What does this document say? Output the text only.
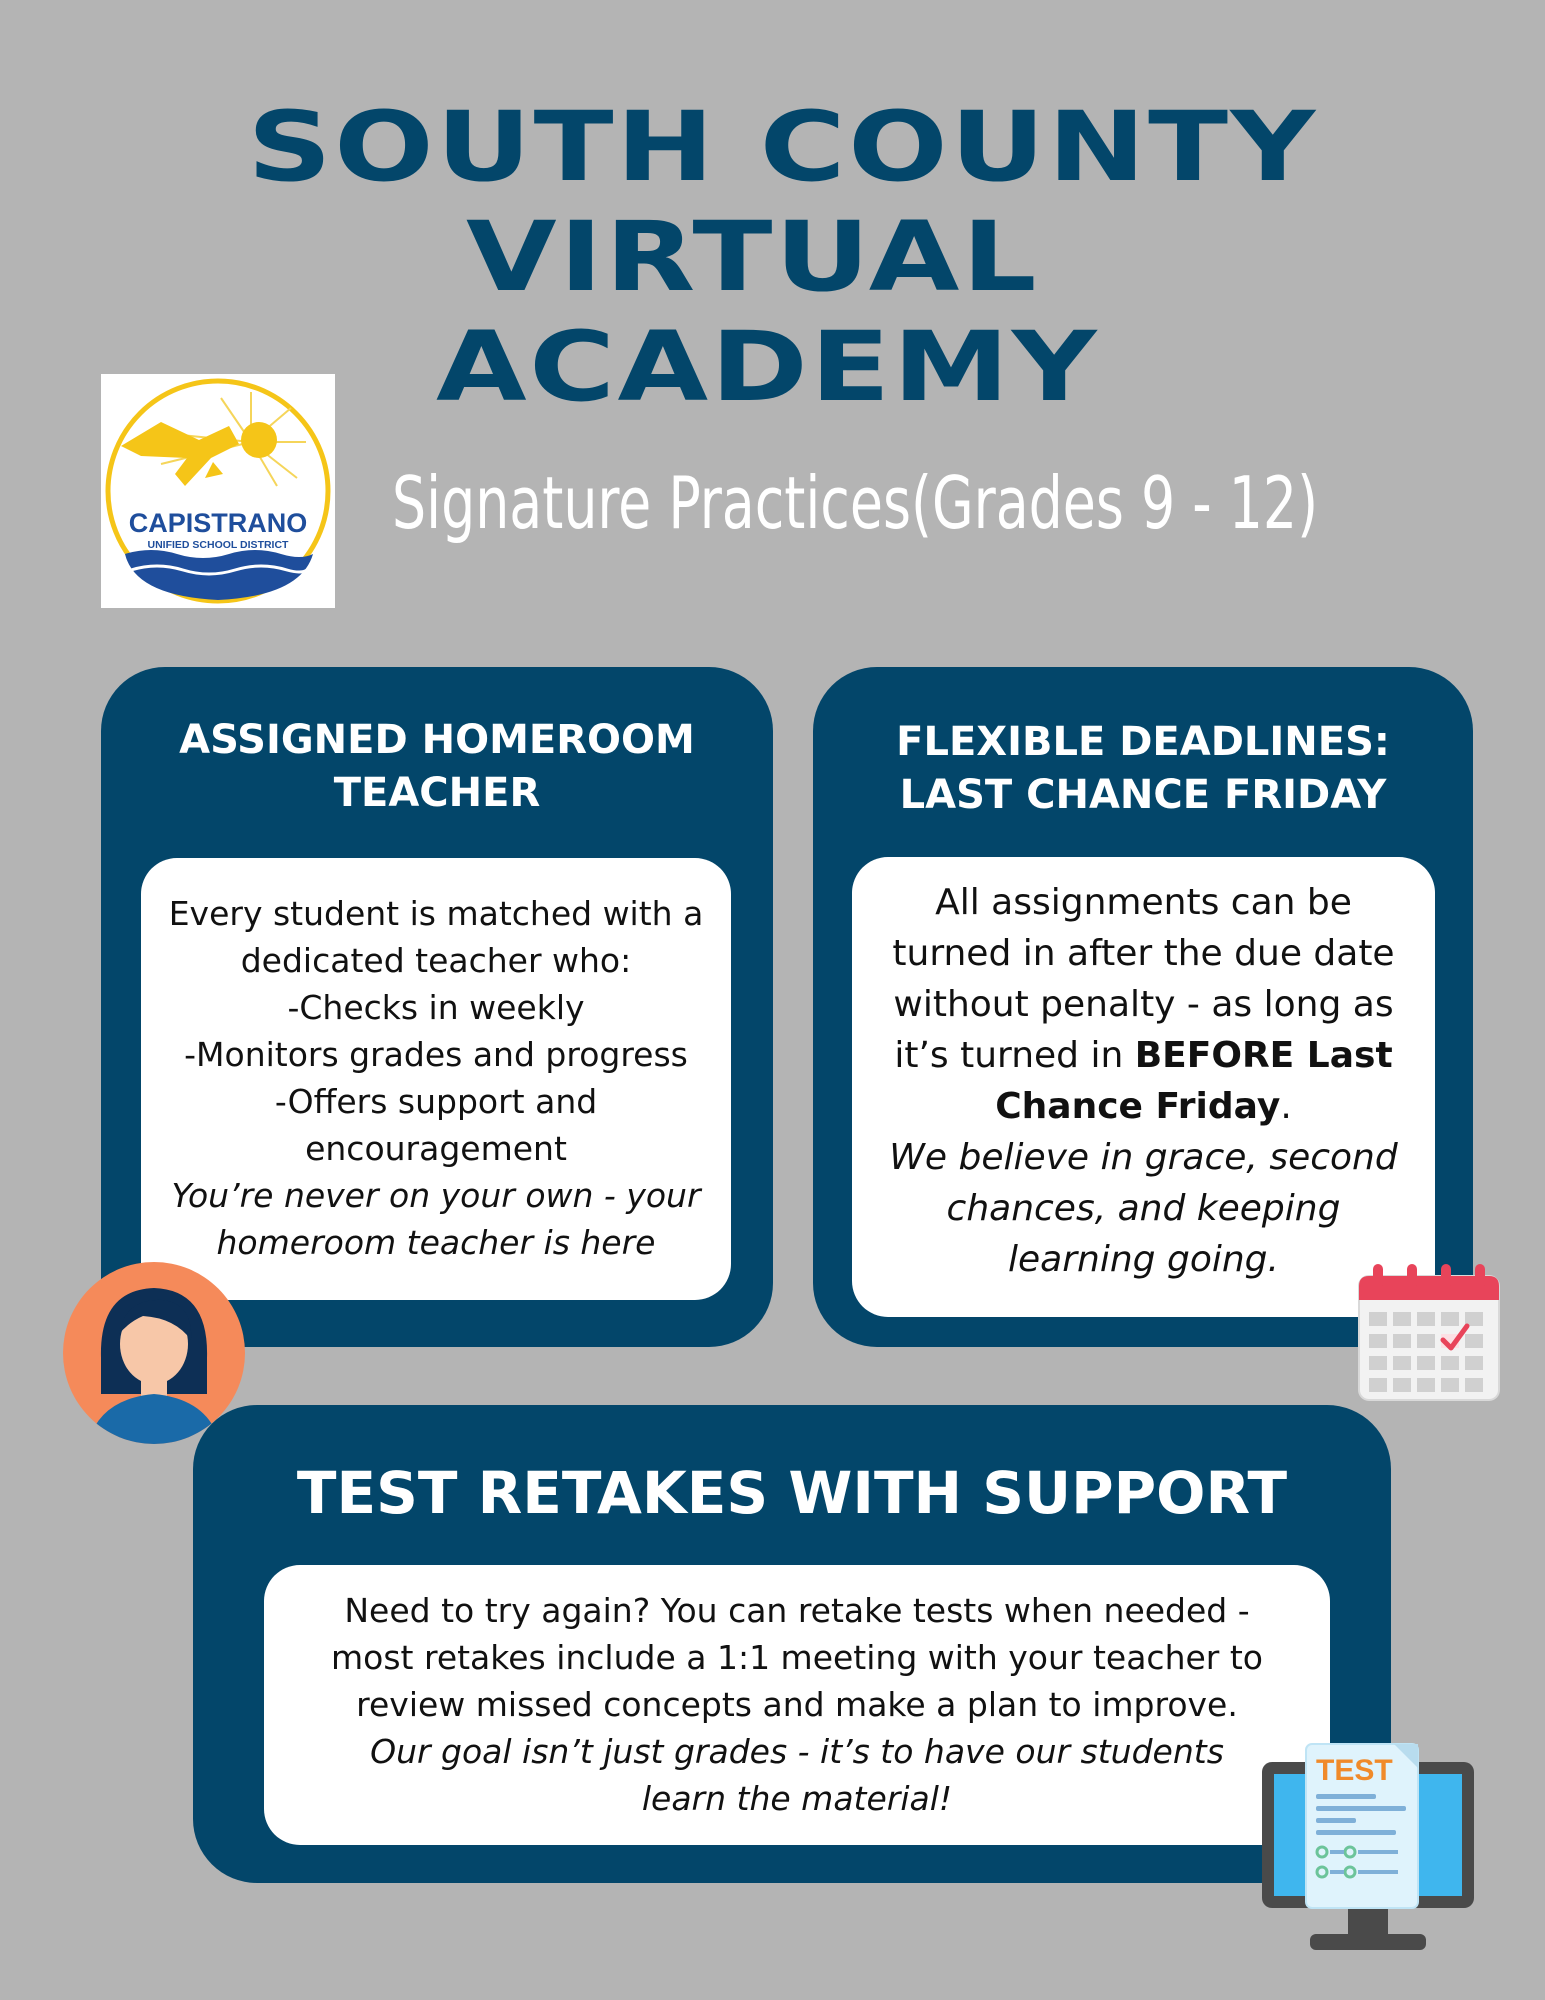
SOUTH COUNTY
VIRTUAL
ACADEMY
CAPISTRANO
UNIFIED SCHOOL DISTRICT Signature Practices(Grades 9 - 12)
ASSIGNED HOMEROOM
TEACHER

Every student is matched with a

dedicated teacher who:

-Checks in weekly

-Monitors grades and progress

-Offers support and

encouragement

You’re never on your own - your

homeroom teacher is here

FLEXIBLE DEADLINES:
LAST CHANCE FRIDAY

All assignments can be

turned in after the due date

without penalty - as long as

it’s turned in BEFORE Last

Chance Friday.

We believe in grace, second

chances, and keeping

learning going.

TEST RETAKES WITH SUPPORT

Need to try again? You can retake tests when needed -

most retakes include a 1:1 meeting with your teacher to

review missed concepts and make a plan to improve.

Our goal isn’t just grades - it’s to have our students

learn the material!

TEST
